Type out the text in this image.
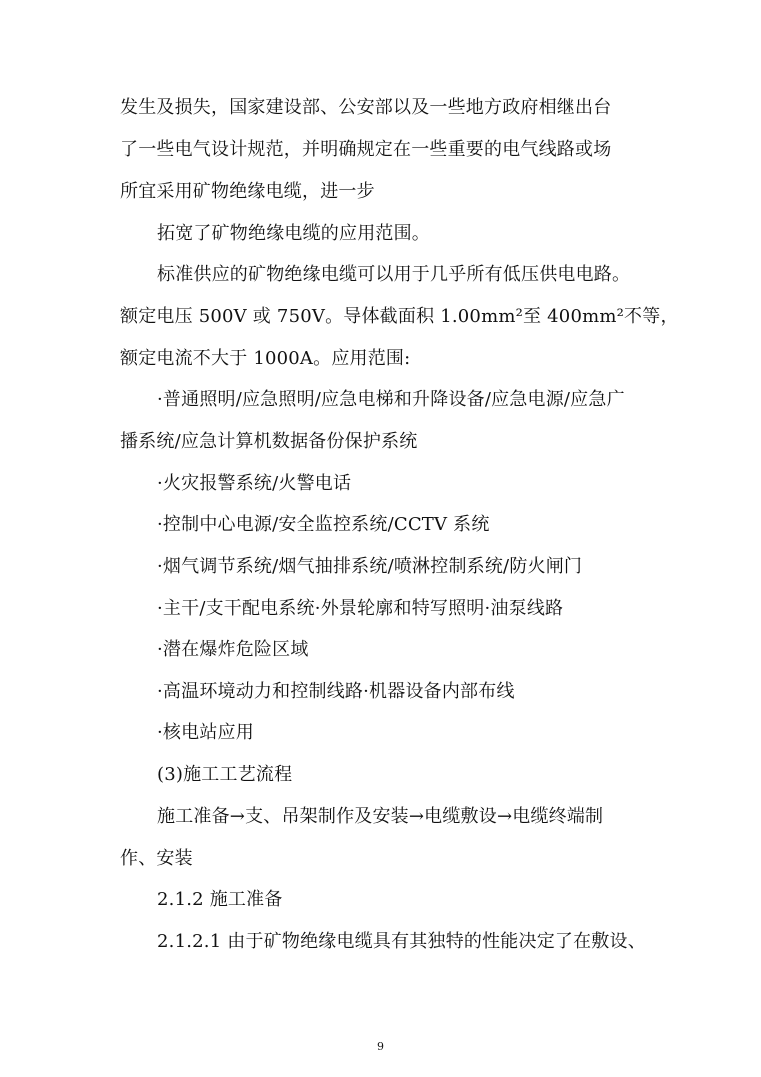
发生及损失，国家建设部、公安部以及一些地方政府相继出台
了一些电气设计规范，并明确规定在一些重要的电气线路或场
所宜采用矿物绝缘电缆，进一步
拓宽了矿物绝缘电缆的应用范围。
标准供应的矿物绝缘电缆可以用于几乎所有低压供电电路。
额定电压 500V 或 750V。导体截面积 1.00mm²至 400mm²不等，
额定电流不大于 1000A。应用范围:
·普通照明/应急照明/应急电梯和升降设备/应急电源/应急广
播系统/应急计算机数据备份保护系统
·火灾报警系统/火警电话
·控制中心电源/安全监控系统/CCTV 系统
·烟气调节系统/烟气抽排系统/喷淋控制系统/防火闸门
·主干/支干配电系统·外景轮廓和特写照明·油泵线路
·潜在爆炸危险区域
·高温环境动力和控制线路·机器设备内部布线
·核电站应用
(3)施工工艺流程
施工准备→支、吊架制作及安装→电缆敷设→电缆终端制
作、安装
2.1.2 施工准备
2.1.2.1 由于矿物绝缘电缆具有其独特的性能决定了在敷设、
9
